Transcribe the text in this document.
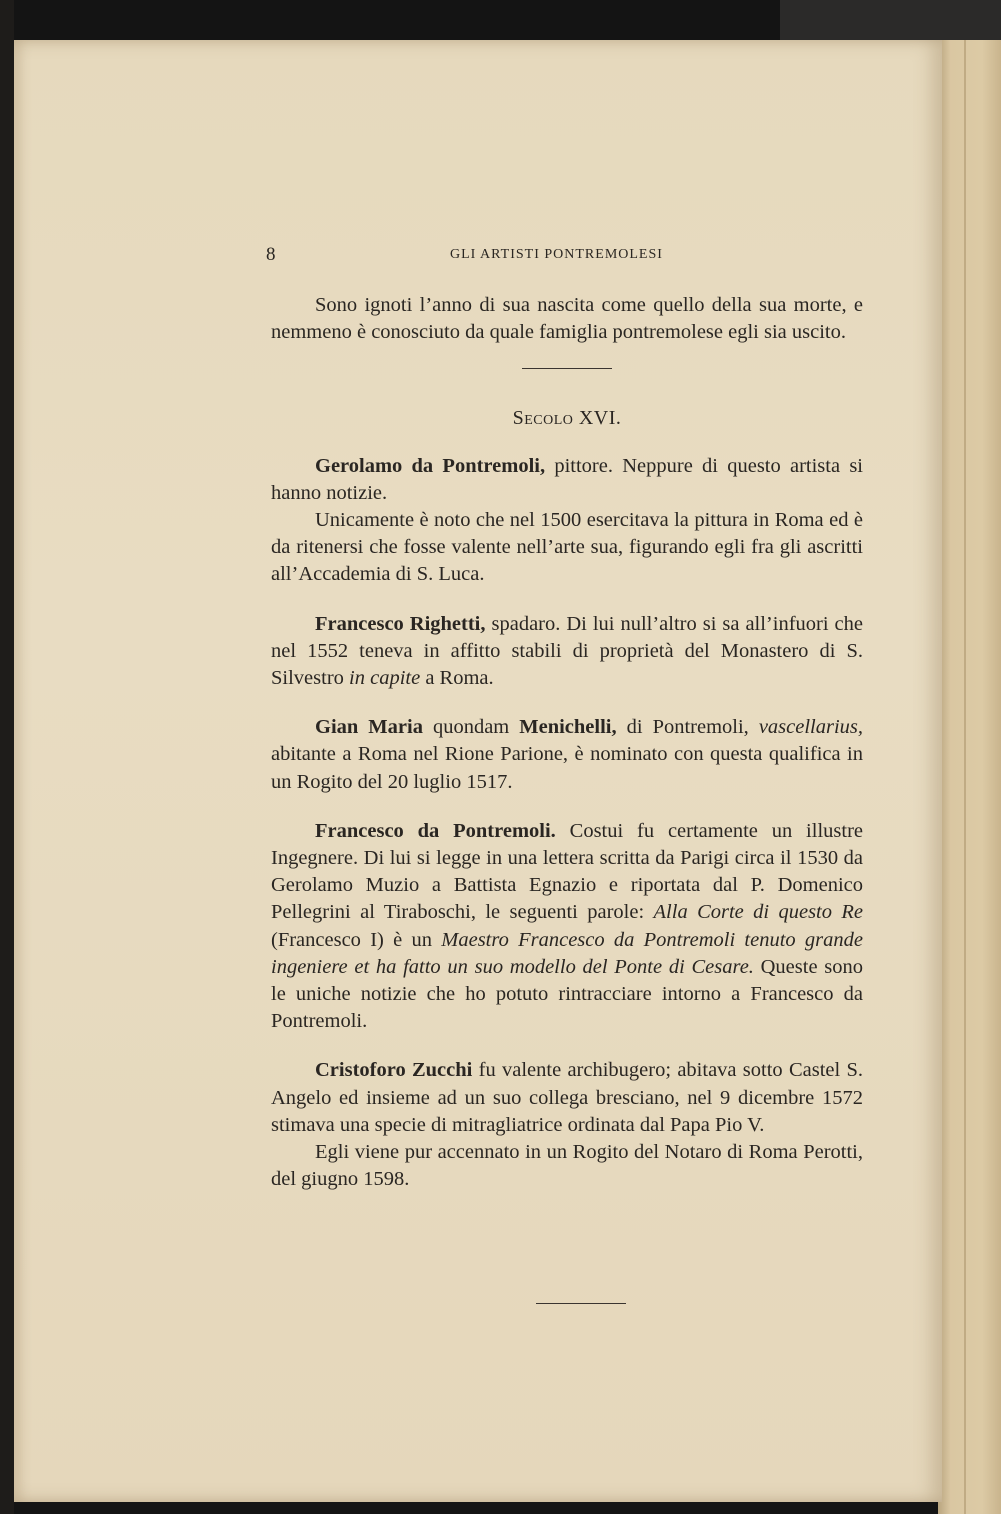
8	GLI ARTISTI PONTREMOLESI

Sono ignoti l’anno di sua nascita come quello della sua morte, e nemmeno è conosciuto da quale famiglia pontremolese egli sia uscito.

Secolo XVI.

Gerolamo da Pontremoli, pittore. Neppure di questo artista si hanno notizie.

Unicamente è noto che nel 1500 esercitava la pittura in Roma ed è da ritenersi che fosse valente nell’arte sua, figurando egli fra gli ascritti all’Accademia di S. Luca.

Francesco Righetti, spadaro. Di lui null’altro si sa all’infuori che nel 1552 teneva in affitto stabili di proprietà del Monastero di S. Silvestro in capite a Roma.

Gian Maria quondam Menichelli, di Pontremoli, vascellarius, abitante a Roma nel Rione Parione, è nominato con questa qualifica in un Rogito del 20 luglio 1517.

Francesco da Pontremoli. Costui fu certamente un illustre Ingegnere. Di lui si legge in una lettera scritta da Parigi circa il 1530 da Gerolamo Muzio a Battista Egnazio e riportata dal P. Domenico Pellegrini al Tiraboschi, le seguenti parole: Alla Corte di questo Re (Francesco I) è un Maestro Francesco da Pontremoli tenuto grande ingeniere et ha fatto un suo modello del Ponte di Cesare. Queste sono le uniche notizie che ho potuto rintracciare intorno a Francesco da Pontremoli.

Cristoforo Zucchi fu valente archibugero; abitava sotto Castel S. Angelo ed insieme ad un suo collega bresciano, nel 9 dicembre 1572 stimava una specie di mitragliatrice ordinata dal Papa Pio V.

Egli viene pur accennato in un Rogito del Notaro di Roma Perotti, del giugno 1598.
